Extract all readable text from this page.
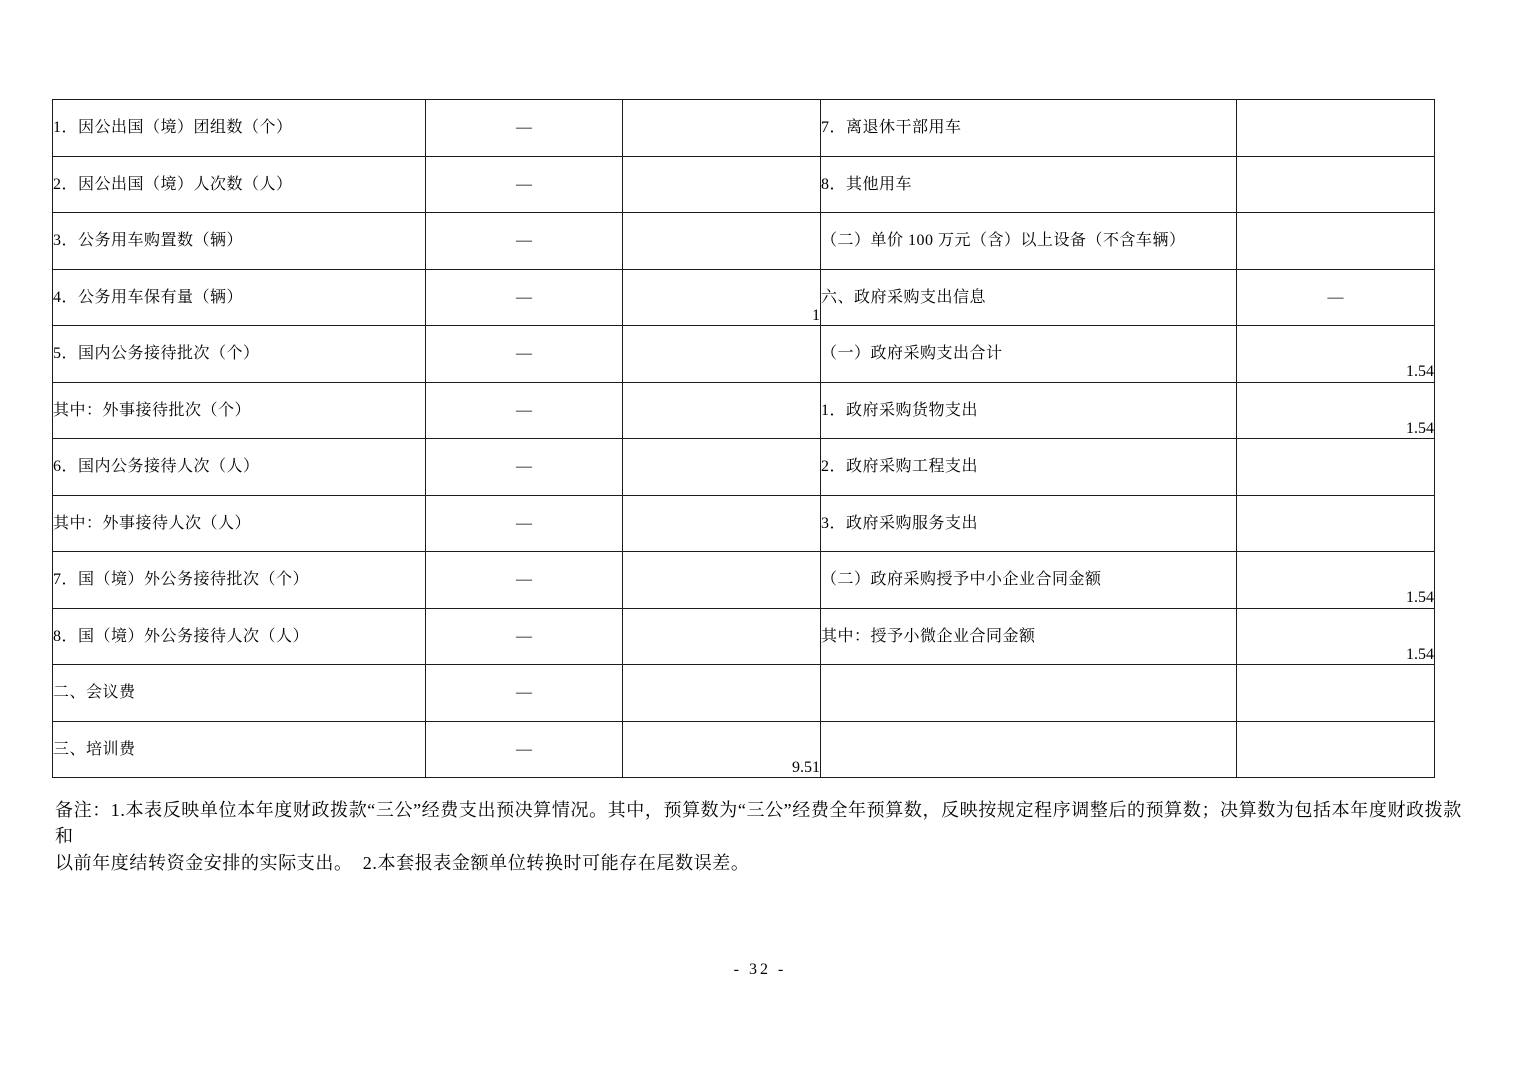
1．因公出国（境）团组数（个）	—		7．离退休干部用车	
2．因公出国（境）人次数（人）	—		8．其他用车	
3．公务用车购置数（辆）	—		（二）单价 100 万元（含）以上设备（不含车辆）	
4．公务用车保有量（辆）	—	1	六、政府采购支出信息	—
5．国内公务接待批次（个）	—		（一）政府采购支出合计	1.54
其中：外事接待批次（个）	—		1．政府采购货物支出	1.54
6．国内公务接待人次（人）	—		2．政府采购工程支出	
其中：外事接待人次（人）	—		3．政府采购服务支出	
7．国（境）外公务接待批次（个）	—		（二）政府采购授予中小企业合同金额	1.54
8．国（境）外公务接待人次（人）	—		其中：授予小微企业合同金额	1.54
二、会议费	—			
三、培训费	—	9.51		
备注：1.本表反映单位本年度财政拨款“三公”经费支出预决算情况。其中，预算数为“三公”经费全年预算数，反映按规定程序调整后的预算数；决算数为包括本年度财政拨款和
以前年度结转资金安排的实际支出。  2.本套报表金额单位转换时可能存在尾数误差。
- 32 -
